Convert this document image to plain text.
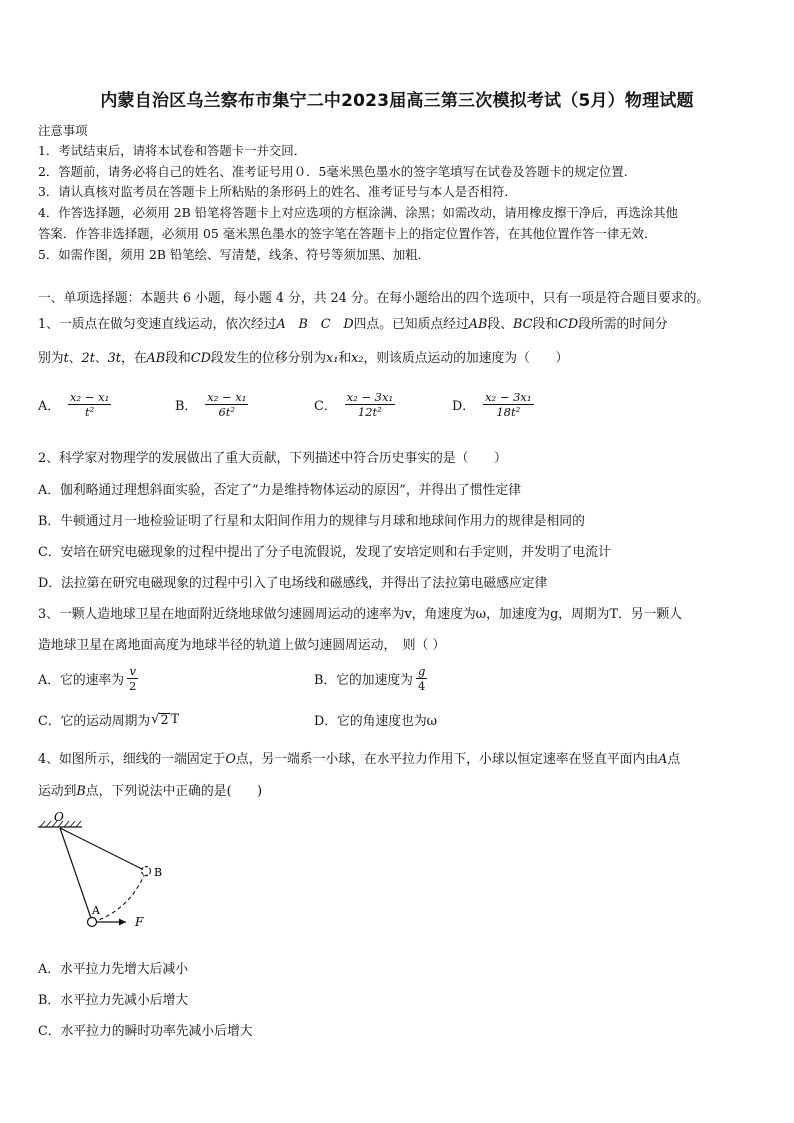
内蒙自治区乌兰察布市集宁二中2023届高三第三次模拟考试（5月）物理试题
注意事项
1．考试结束后，请将本试卷和答题卡一并交回．
2．答题前，请务必将自己的姓名、准考证号用０．5毫米黑色墨水的签字笔填写在试卷及答题卡的规定位置．
3．请认真核对监考员在答题卡上所粘贴的条形码上的姓名、准考证号与本人是否相符．
4．作答选择题，必须用 2B 铅笔将答题卡上对应选项的方框涂满、涂黑；如需改动，请用橡皮擦干净后，再选涂其他
答案．作答非选择题，必须用 05 毫米黑色墨水的签字笔在答题卡上的指定位置作答，在其他位置作答一律无效．
5．如需作图，须用 2B 铅笔绘、写清楚，线条、符号等须加黑、加粗．
一、单项选择题：本题共 6 小题，每小题 4 分，共 24 分。在每小题给出的四个选项中，只有一项是符合题目要求的。
1、一质点在做匀变速直线运动，依次经过A　B　C　D四点。已知质点经过AB段、BC段和CD段所需的时间分
别为t、2t、3t，在AB段和CD段发生的位移分别为x₁和x₂，则该质点运动的加速度为（　　）
A． $\frac{\text{x₂ − x₁}}{\text{t²}}$	B． $\frac{\text{x₂ − x₁}}{\text{6t²}}$	C． $\frac{\text{x₂ − 3x₁}}{\text{12t²}}$	D． $\frac{\text{x₂ − 3x₁}}{\text{18t²}}$
2、科学家对物理学的发展做出了重大贡献，下列描述中符合历史事实的是（　　）
A．伽利略通过理想斜面实验，否定了“力是维持物体运动的原因”，并得出了惯性定律
B．牛顿通过月一地检验证明了行星和太阳间作用力的规律与月球和地球间作用力的规律是相同的
C．安培在研究电磁现象的过程中提出了分子电流假说，发现了安培定则和右手定则，并发明了电流计
D．法拉第在研究电磁现象的过程中引入了电场线和磁感线，并得出了法拉第电磁感应定律
3、一颗人造地球卫星在地面附近绕地球做匀速圆周运动的速率为v，角速度为ω，加速度为g，周期为T．另一颗人
造地球卫星在离地面高度为地球半径的轨道上做匀速圆周运动，　则（ ）
A．它的速率为 $\frac{v}{2}$	B．它的加速度为 $\frac{g}{4}$
C．它的运动周期为 √ 2 T	D．它的角速度也为ω
4、如图所示，细线的一端固定于O点，另一端系一小球，在水平拉力作用下，小球以恒定速率在竖直平面内由A点
运动到B点，下列说法中正确的是(　　)
O
A
B
F
A．水平拉力先增大后减小
B．水平拉力先减小后增大
C．水平拉力的瞬时功率先减小后增大
